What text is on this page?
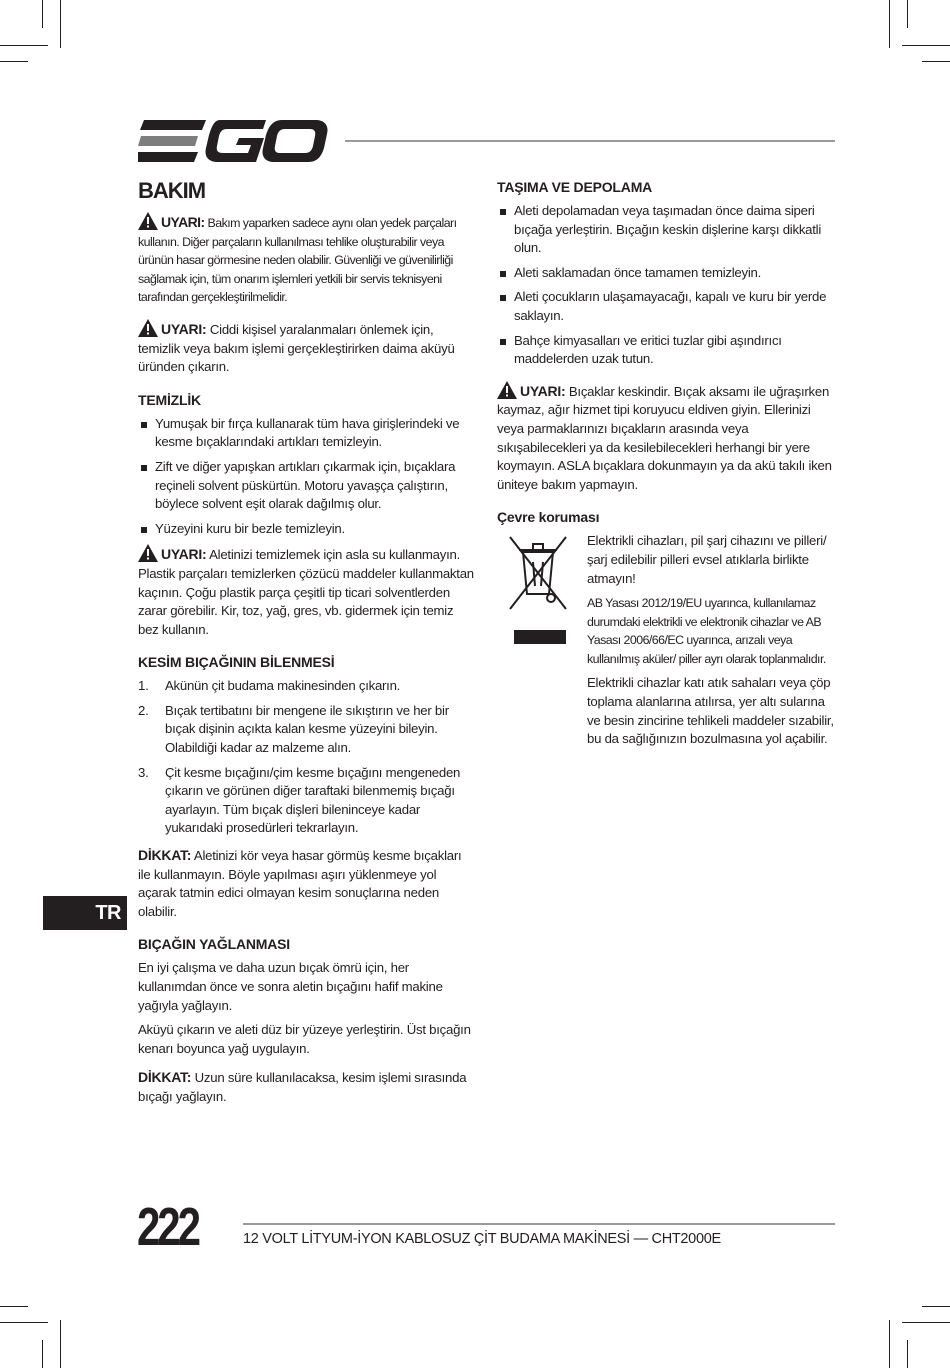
BAKIM

UYARI: Bakım yaparken sadece aynı olan yedek parçaları kullanın. Diğer parçaların kullanılması tehlike oluşturabilir veya ürünün hasar görmesine neden olabilir. Güvenliği ve güvenilirliği sağlamak için, tüm onarım işlemleri yetkili bir servis teknisyeni tarafından gerçekleştirilmelidir.

UYARI: Ciddi kişisel yaralanmaları önlemek için, temizlik veya bakım işlemi gerçekleştirirken daima aküyü üründen çıkarın.

TEMİZLİK
Yumuşak bir fırça kullanarak tüm hava girişlerindeki ve kesme bıçaklarındaki artıkları temizleyin.
Zift ve diğer yapışkan artıkları çıkarmak için, bıçaklara reçineli solvent püskürtün. Motoru yavaşça çalıştırın, böylece solvent eşit olarak dağılmış olur.
Yüzeyini kuru bir bezle temizleyin.

UYARI: Aletinizi temizlemek için asla su kullanmayın. Plastik parçaları temizlerken çözücü maddeler kullanmaktan kaçının. Çoğu plastik parça çeşitli tip ticari solventlerden zarar görebilir. Kir, toz, yağ, gres, vb. gidermek için temiz bez kullanın.

KESİM BIÇAĞININ BİLENMESİ
1. Akünün çit budama makinesinden çıkarın.
2. Bıçak tertibatını bir mengene ile sıkıştırın ve her bir bıçak dişinin açıkta kalan kesme yüzeyini bileyin. Olabildiği kadar az malzeme alın.
3. Çit kesme bıçağını/çim kesme bıçağını mengeneden çıkarın ve görünen diğer taraftaki bilenmemiş bıçağı ayarlayın. Tüm bıçak dişleri bileninceye kadar yukarıdaki prosedürleri tekrarlayın.

DİKKAT: Aletinizi kör veya hasar görmüş kesme bıçakları ile kullanmayın. Böyle yapılması aşırı yüklenmeye yol açarak tatmin edici olmayan kesim sonuçlarına neden olabilir.

BIÇAĞIN YAĞLANMASI

En iyi çalışma ve daha uzun bıçak ömrü için, her kullanımdan önce ve sonra aletin bıçağını hafif makine yağıyla yağlayın.

Aküyü çıkarın ve aleti düz bir yüzeye yerleştirin. Üst bıçağın kenarı boyunca yağ uygulayın.

DİKKAT: Uzun süre kullanılacaksa, kesim işlemi sırasında bıçağı yağlayın.

TAŞIMA VE DEPOLAMA
Aleti depolamadan veya taşımadan önce daima siperi bıçağa yerleştirin. Bıçağın keskin dişlerine karşı dikkatli olun.
Aleti saklamadan önce tamamen temizleyin.
Aleti çocukların ulaşamayacağı, kapalı ve kuru bir yerde saklayın.
Bahçe kimyasalları ve eritici tuzlar gibi aşındırıcı maddelerden uzak tutun.

UYARI: Bıçaklar keskindir. Bıçak aksamı ile uğraşırken kaymaz, ağır hizmet tipi koruyucu eldiven giyin. Ellerinizi veya parmaklarınızı bıçakların arasında veya sıkışabilecekleri ya da kesilebilecekleri herhangi bir yere koymayın. ASLA bıçaklara dokunmayın ya da akü takılı iken üniteye bakım yapmayın.

Çevre koruması

Elektrikli cihazları, pil şarj cihazını ve pilleri/ şarj edilebilir pilleri evsel atıklarla birlikte atmayın!

AB Yasası 2012/19/EU uyarınca, kullanılamaz durumdaki elektrikli ve elektronik cihazlar ve AB Yasası 2006/66/EC uyarınca, arızalı veya kullanılmış aküler/ piller ayrı olarak toplanmalıdır.

Elektrikli cihazlar katı atık sahaları veya çöp toplama alanlarına atılırsa, yer altı sularına ve besin zincirine tehlikeli maddeler sızabilir, bu da sağlığınızın bozulmasına yol açabilir.

TR
222	12 VOLT LİTYUM-İYON KABLOSUZ ÇİT BUDAMA MAKİNESİ — CHT2000E
